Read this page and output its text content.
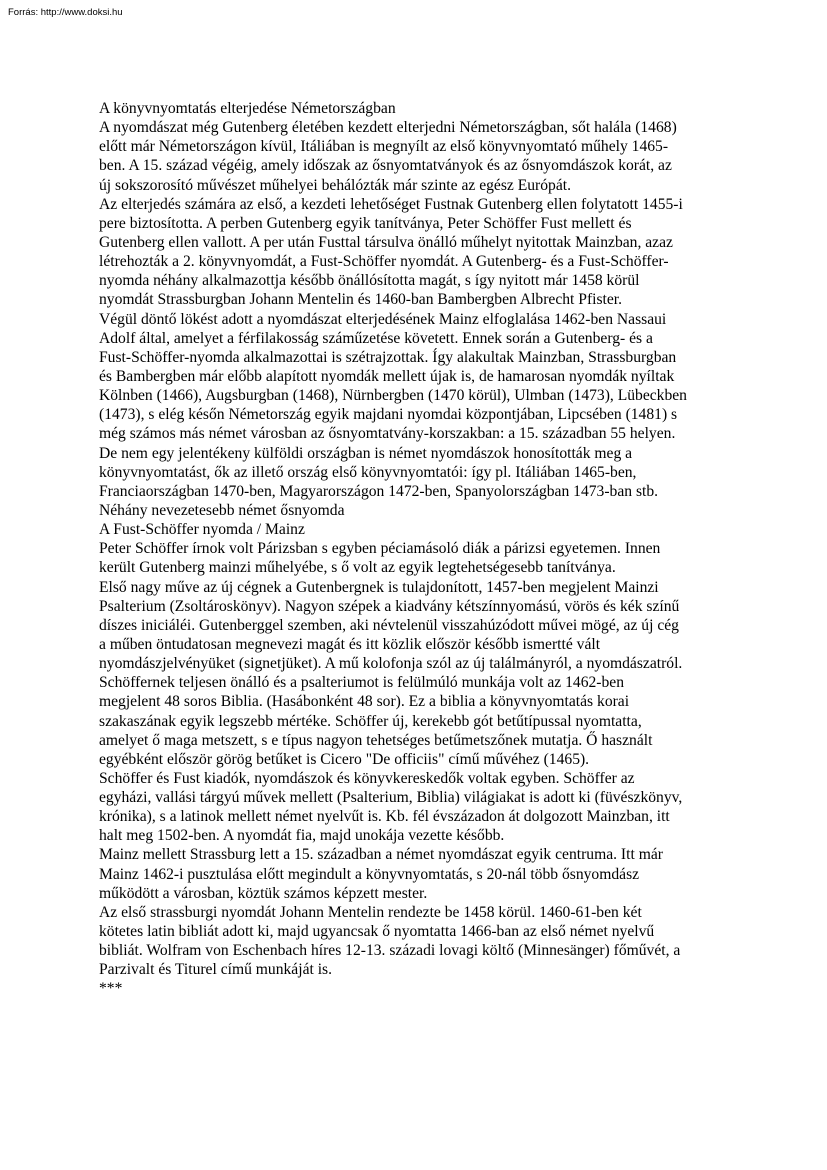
Forrás: http://www.doksi.hu
A könyvnyomtatás elterjedése Németországban
A nyomdászat még Gutenberg életében kezdett elterjedni Németországban, sőt halála (1468)
előtt már Németországon kívül, Itáliában is megnyílt az első könyvnyomtató műhely 1465-
ben. A 15. század végéig, amely időszak az ősnyomtatványok és az ősnyomdászok korát, az
új sokszorosító művészet műhelyei behálózták már szinte az egész Európát.
Az elterjedés számára az első, a kezdeti lehetőséget Fustnak Gutenberg ellen folytatott 1455-i
pere biztosította. A perben Gutenberg egyik tanítványa, Peter Schöffer Fust mellett és
Gutenberg ellen vallott. A per után Fusttal társulva önálló műhelyt nyitottak Mainzban, azaz
létrehozták a 2. könyvnyomdát, a Fust-Schöffer nyomdát. A Gutenberg- és a Fust-Schöffer-
nyomda néhány alkalmazottja később önállósította magát, s így nyitott már 1458 körül
nyomdát Strassburgban Johann Mentelin és 1460-ban Bambergben Albrecht Pfister.
Végül döntő lökést adott a nyomdászat elterjedésének Mainz elfoglalása 1462-ben Nassaui
Adolf által, amelyet a férfilakosság száműzetése követett. Ennek során a Gutenberg- és a
Fust-Schöffer-nyomda alkalmazottai is szétrajzottak. Így alakultak Mainzban, Strassburgban
és Bambergben már előbb alapított nyomdák mellett újak is, de hamarosan nyomdák nyíltak
Kölnben (1466), Augsburgban (1468), Nürnbergben (1470 körül), Ulmban (1473), Lübeckben
(1473), s elég későn Németország egyik majdani nyomdai központjában, Lipcsében (1481) s
még számos más német városban az ősnyomtatvány-korszakban: a 15. században 55 helyen.
De nem egy jelentékeny külföldi országban is német nyomdászok honosították meg a
könyvnyomtatást, ők az illető ország első könyvnyomtatói: így pl. Itáliában 1465-ben,
Franciaországban 1470-ben, Magyarországon 1472-ben, Spanyolországban 1473-ban stb.
Néhány nevezetesebb német ősnyomda
A Fust-Schöffer nyomda / Mainz
Peter Schöffer írnok volt Párizsban s egyben péciamásoló diák a párizsi egyetemen. Innen
került Gutenberg mainzi műhelyébe, s ő volt az egyik legtehetségesebb tanítványa.
Első nagy műve az új cégnek a Gutenbergnek is tulajdonított, 1457-ben megjelent Mainzi
Psalterium (Zsoltároskönyv). Nagyon szépek a kiadvány kétszínnyomású, vörös és kék színű
díszes iniciáléi. Gutenberggel szemben, aki névtelenül visszahúzódott művei mögé, az új cég
a műben öntudatosan megnevezi magát és itt közlik először később ismertté vált
nyomdászjelvényüket (signetjüket). A mű kolofonja szól az új találmányról, a nyomdászatról.
Schöffernek teljesen önálló és a psalteriumot is felülmúló munkája volt az 1462-ben
megjelent 48 soros Biblia. (Hasábonként 48 sor). Ez a biblia a könyvnyomtatás korai
szakaszának egyik legszebb mértéke. Schöffer új, kerekebb gót betűtípussal nyomtatta,
amelyet ő maga metszett, s e típus nagyon tehetséges betűmetszőnek mutatja. Ő használt
egyébként először görög betűket is Cicero "De officiis" című művéhez (1465).
Schöffer és Fust kiadók, nyomdászok és könyvkereskedők voltak egyben. Schöffer az
egyházi, vallási tárgyú művek mellett (Psalterium, Biblia) világiakat is adott ki (füvészkönyv,
krónika), s a latinok mellett német nyelvűt is. Kb. fél évszázadon át dolgozott Mainzban, itt
halt meg 1502-ben. A nyomdát fia, majd unokája vezette később.
Mainz mellett Strassburg lett a 15. században a német nyomdászat egyik centruma. Itt már
Mainz 1462-i pusztulása előtt megindult a könyvnyomtatás, s 20-nál több ősnyomdász
működött a városban, köztük számos képzett mester.
Az első strassburgi nyomdát Johann Mentelin rendezte be 1458 körül. 1460-61-ben két
kötetes latin bibliát adott ki, majd ugyancsak ő nyomtatta 1466-ban az első német nyelvű
bibliát. Wolfram von Eschenbach híres 12-13. századi lovagi költő (Minnesänger) főművét, a
Parzivalt és Titurel című munkáját is.
***
